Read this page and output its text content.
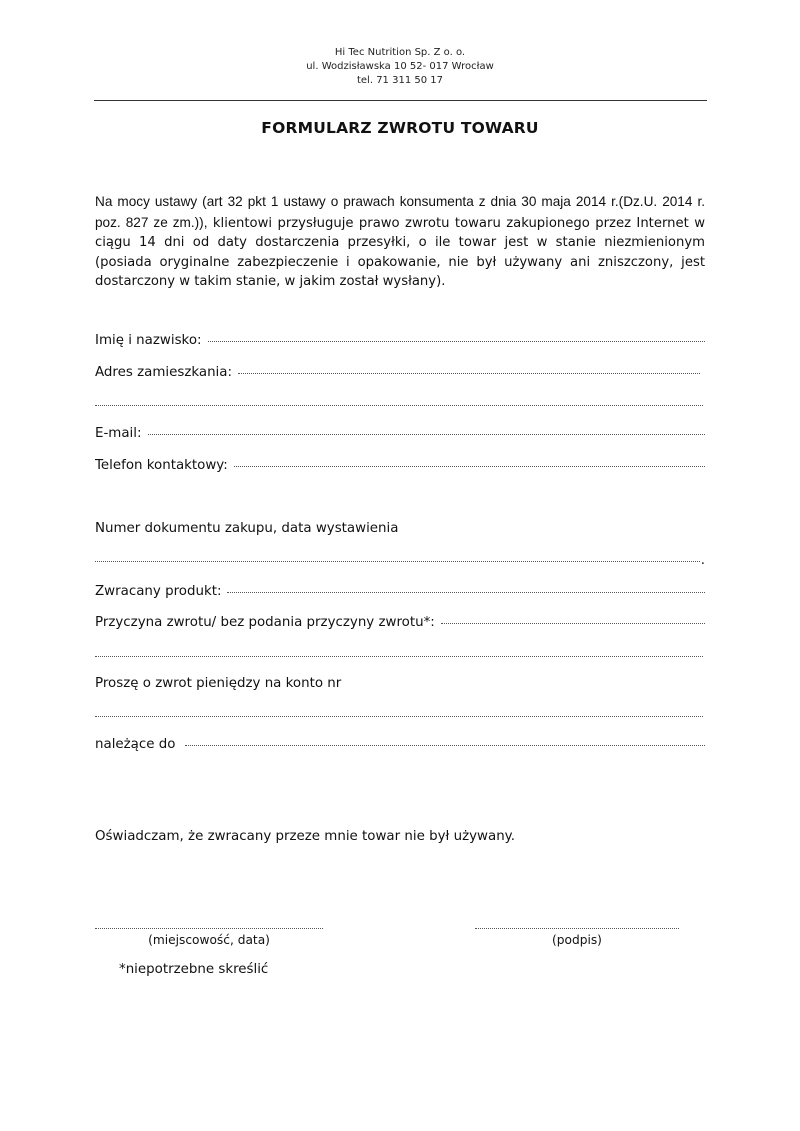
Hi Tec Nutrition Sp. Z o. o.
ul. Wodzisławska 10 52- 017 Wrocław
tel. 71 311 50 17
FORMULARZ ZWROTU TOWARU
Na mocy ustawy (art 32 pkt 1 ustawy o prawach konsumenta z dnia 30 maja 2014 r.(Dz.U. 2014 r. poz. 827 ze zm.)), klientowi przysługuje prawo zwrotu towaru zakupionego przez Internet w ciągu 14 dni od daty dostarczenia przesyłki, o ile towar jest w stanie niezmienionym (posiada oryginalne zabezpieczenie i opakowanie, nie był używany ani zniszczony, jest dostarczony w takim stanie, w jakim został wysłany).
Imię i nazwisko:
Adres zamieszkania:
E-mail:
Telefon kontaktowy:
Numer dokumentu zakupu, data wystawienia
.
Zwracany produkt:
Przyczyna zwrotu/ bez podania przyczyny zwrotu*:
Proszę o zwrot pieniędzy na konto nr
należące do
Oświadczam, że zwracany przeze mnie towar nie był używany.
(miejscowość, data)	(podpis)
*niepotrzebne skreślić
